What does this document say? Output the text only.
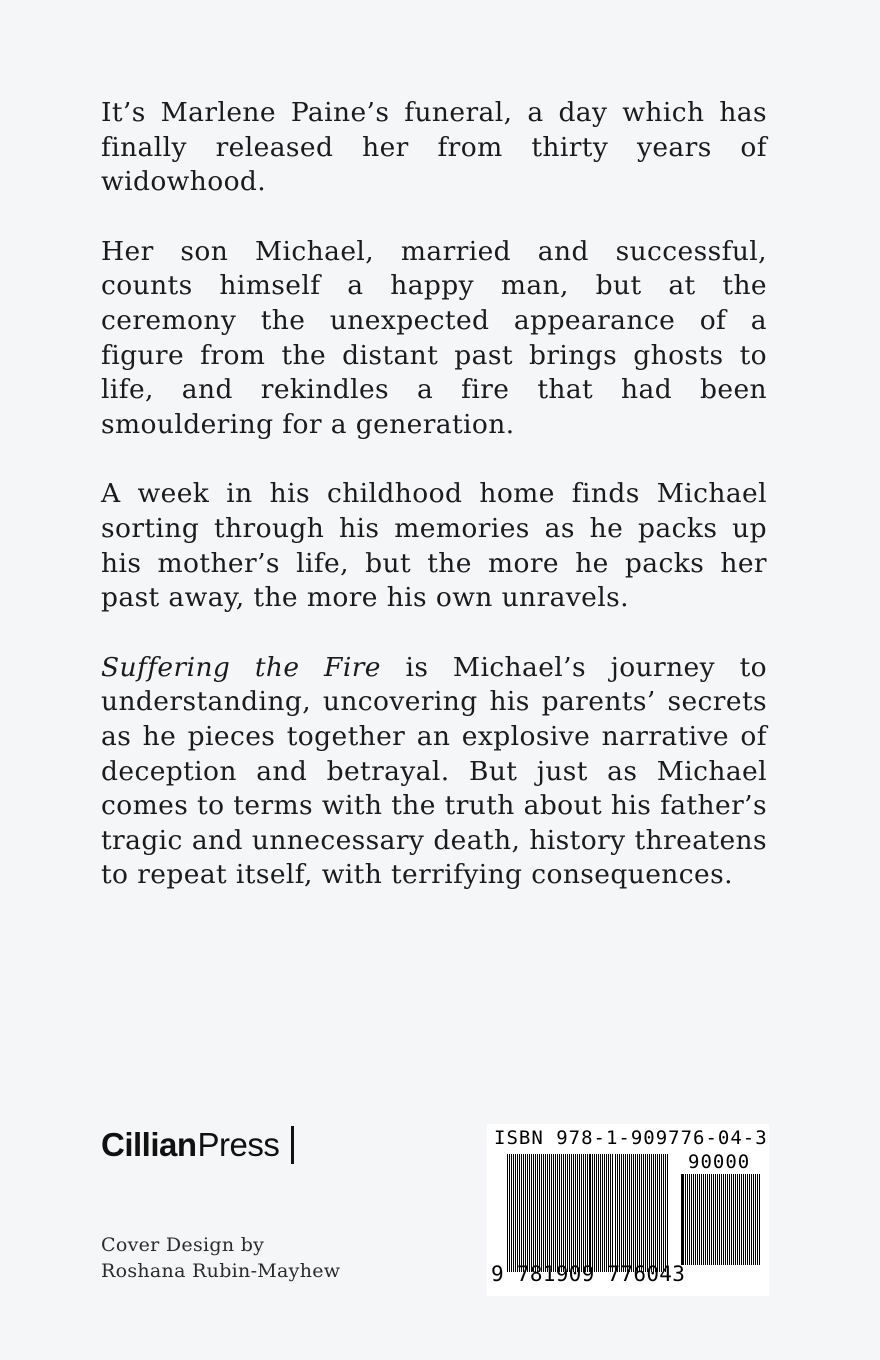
It’s Marlene Paine’s funeral, a day which has finally released her from thirty years of widowhood.

Her son Michael, married and successful, counts himself a happy man, but at the ceremony the unexpected appearance of a figure from the distant past brings ghosts to life, and rekindles a fire that had been smouldering for a generation.

A week in his childhood home finds Michael sorting through his memories as he packs up his mother’s life, but the more he packs her past away, the more his own unravels.

Suffering the Fire is Michael’s journey to understanding, uncovering his parents’ secrets as he pieces together an explosive narrative of deception and betrayal. But just as Michael comes to terms with the truth about his father’s tragic and unnecessary death, history threatens to repeat itself, with terrifying consequences.

Cillian Press
Cover Design by
Roshana Rubin-Mayhew
ISBN 978-1-909776-04-3
90000
9 781909 776043
